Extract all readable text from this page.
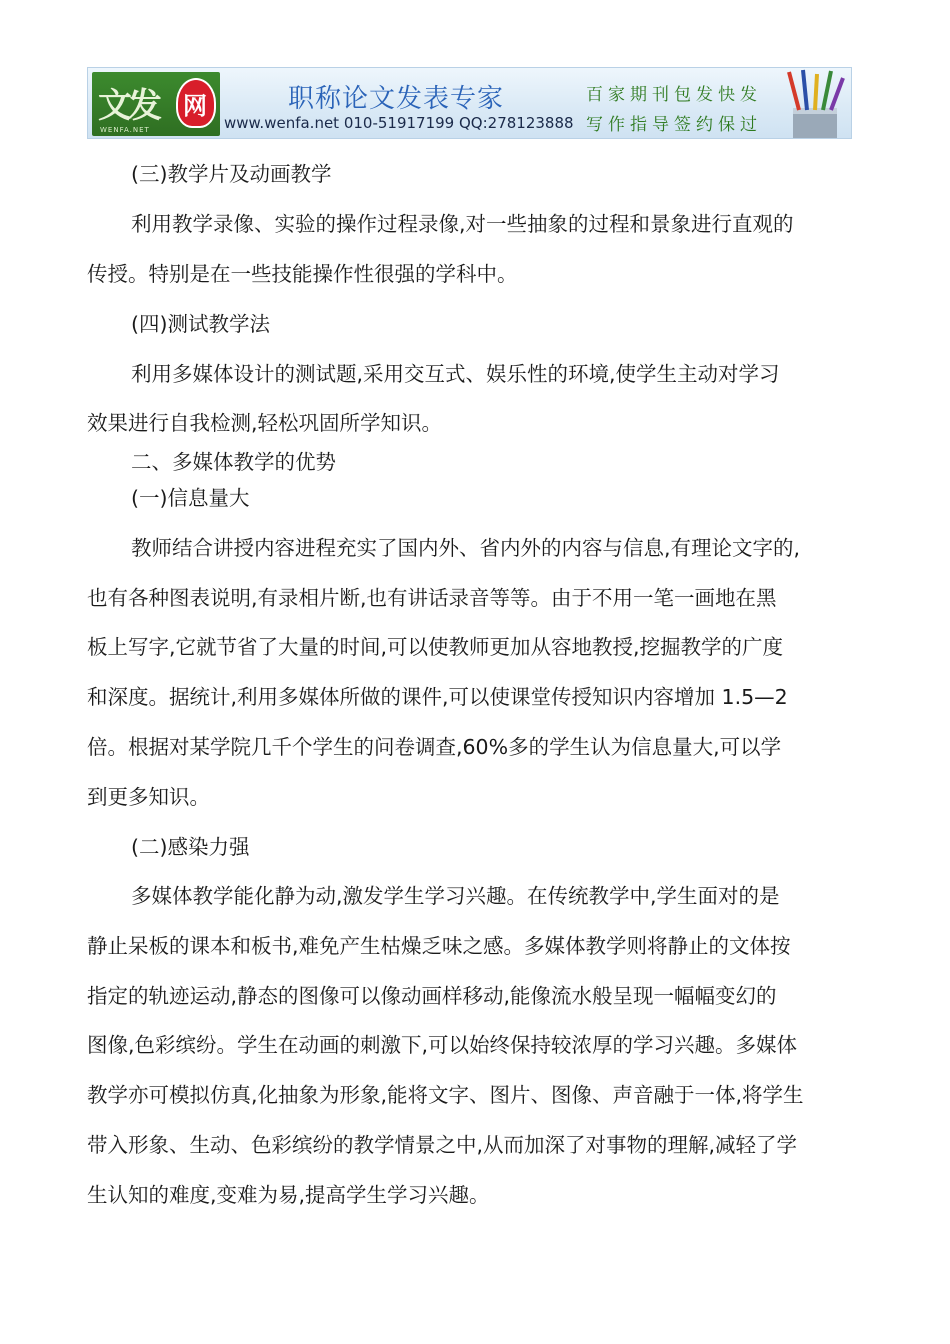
文发 网
WENFA.NET
职称论文发表专家
www.wenfa.net 010-51917199 QQ:278123888
百家期刊包发快发
写作指导签约保过
(三)教学片及动画教学
利用教学录像、实验的操作过程录像,对一些抽象的过程和景象进行直观的
传授。特别是在一些技能操作性很强的学科中。
(四)测试教学法
利用多媒体设计的测试题,采用交互式、娱乐性的环境,使学生主动对学习
效果进行自我检测,轻松巩固所学知识。
二、多媒体教学的优势
(一)信息量大
教师结合讲授内容进程充实了国内外、省内外的内容与信息,有理论文字的,
也有各种图表说明,有录相片断,也有讲话录音等等。由于不用一笔一画地在黑
板上写字,它就节省了大量的时间,可以使教师更加从容地教授,挖掘教学的广度
和深度。据统计,利用多媒体所做的课件,可以使课堂传授知识内容增加 1.5—2
倍。根据对某学院几千个学生的问卷调查,60%多的学生认为信息量大,可以学
到更多知识。
(二)感染力强
多媒体教学能化静为动,激发学生学习兴趣。在传统教学中,学生面对的是
静止呆板的课本和板书,难免产生枯燥乏味之感。多媒体教学则将静止的文体按
指定的轨迹运动,静态的图像可以像动画样移动,能像流水般呈现一幅幅变幻的
图像,色彩缤纷。学生在动画的刺激下,可以始终保持较浓厚的学习兴趣。多媒体
教学亦可模拟仿真,化抽象为形象,能将文字、图片、图像、声音融于一体,将学生
带入形象、生动、色彩缤纷的教学情景之中,从而加深了对事物的理解,减轻了学
生认知的难度,变难为易,提高学生学习兴趣。
